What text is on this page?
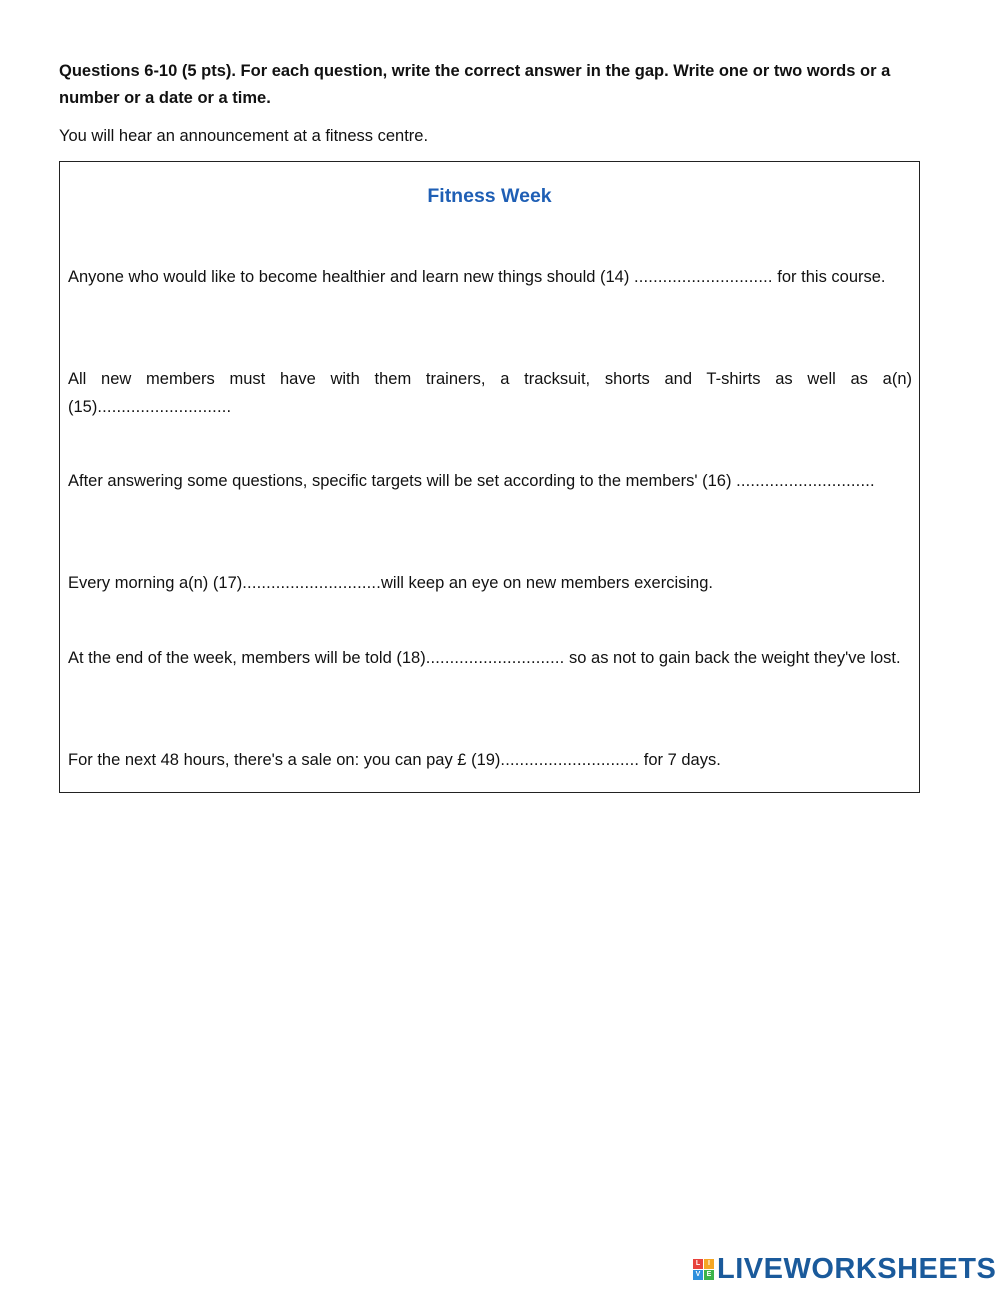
Questions 6-10 (5 pts). For each question, write the correct answer in the gap. Write one or two words or a number or a date or a time.

You will hear an announcement at a fitness centre.

Fitness Week

Anyone who would like to become healthier and learn new things should (14) ............................. for this course.

All new members must have with them trainers, a tracksuit, shorts and T-shirts as well as a(n) (15)............................

After answering some questions, specific targets will be set according to the members' (16) .............................

Every morning a(n) (17).............................will keep an eye on new members exercising.

At the end of the week, members will be told (18)............................. so as not to gain back the weight they've lost.

For the next 48 hours, there's a sale on: you can pay £ (19)............................. for 7 days.

L	I
V E LIVEWORKSHEETS
